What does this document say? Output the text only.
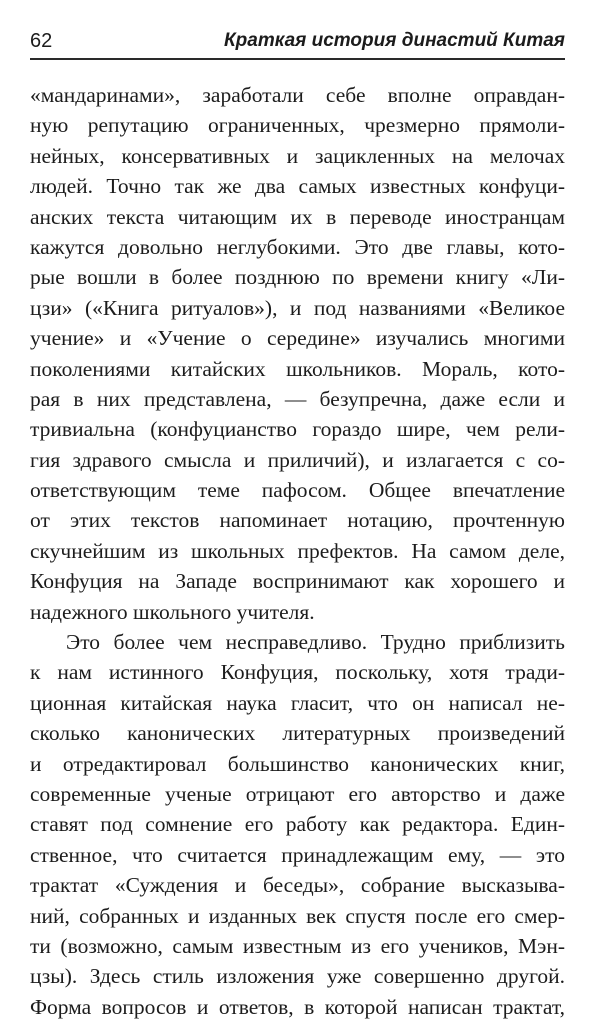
62	Краткая история династий Китая
«мандаринами», заработали себе вполне оправдан-
ную репутацию ограниченных, чрезмерно прямоли-
нейных, консервативных и зацикленных на мелочах
людей. Точно так же два самых известных конфуци-
анских текста читающим их в переводе иностранцам
кажутся довольно неглубокими. Это две главы, кото-
рые вошли в более позднюю по времени книгу «Ли-
цзи» («Книга ритуалов»), и под названиями «Великое
учение» и «Учение о середине» изучались многими
поколениями китайских школьников. Мораль, кото-
рая в них представлена, — безупречна, даже если и
тривиальна (конфуцианство гораздо шире, чем рели-
гия здравого смысла и приличий), и излагается с со-
ответствующим теме пафосом. Общее впечатление
от этих текстов напоминает нотацию, прочтенную
скучнейшим из школьных префектов. На самом деле,
Конфуция на Западе воспринимают как хорошего и
надежного школьного учителя.
Это более чем несправедливо. Трудно приблизить
к нам истинного Конфуция, поскольку, хотя тради-
ционная китайская наука гласит, что он написал не-
сколько канонических литературных произведений
и отредактировал большинство канонических книг,
современные ученые отрицают его авторство и даже
ставят под сомнение его работу как редактора. Един-
ственное, что считается принадлежащим ему, — это
трактат «Суждения и беседы», собрание высказыва-
ний, собранных и изданных век спустя после его смер-
ти (возможно, самым известным из его учеников, Мэн-
цзы). Здесь стиль изложения уже совершенно другой.
Форма вопросов и ответов, в которой написан трактат,
